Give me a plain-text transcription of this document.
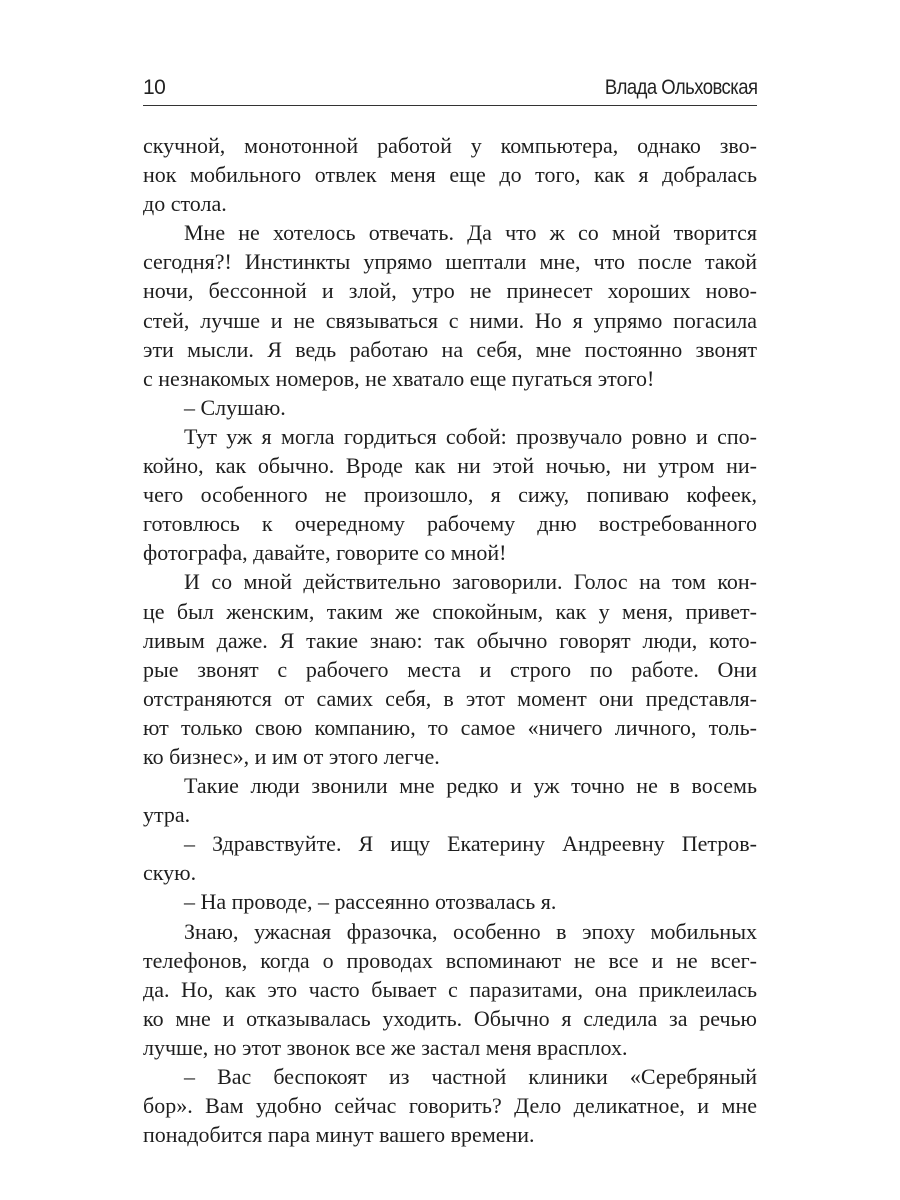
10	Влада Ольховская
скучной, монотонной работой у компьютера, однако зво-
нок мобильного отвлек меня еще до того, как я добралась
до стола.
Мне не хотелось отвечать. Да что ж со мной творится
сегодня?! Инстинкты упрямо шептали мне, что после такой
ночи, бессонной и злой, утро не принесет хороших ново-
стей, лучше и не связываться с ними. Но я упрямо погасила
эти мысли. Я ведь работаю на себя, мне постоянно звонят
с незнакомых номеров, не хватало еще пугаться этого!
– Слушаю.
Тут уж я могла гордиться собой: прозвучало ровно и спо-
койно, как обычно. Вроде как ни этой ночью, ни утром ни-
чего особенного не произошло, я сижу, попиваю кофеек,
готовлюсь к очередному рабочему дню востребованного
фотографа, давайте, говорите со мной!
И со мной действительно заговорили. Голос на том кон-
це был женским, таким же спокойным, как у меня, привет-
ливым даже. Я такие знаю: так обычно говорят люди, кото-
рые звонят с рабочего места и строго по работе. Они
отстраняются от самих себя, в этот момент они представля-
ют только свою компанию, то самое «ничего личного, толь-
ко бизнес», и им от этого легче.
Такие люди звонили мне редко и уж точно не в восемь
утра.
– Здравствуйте. Я ищу Екатерину Андреевну Петров-
скую.
– На проводе, – рассеянно отозвалась я.
Знаю, ужасная фразочка, особенно в эпоху мобильных
телефонов, когда о проводах вспоминают не все и не всег-
да. Но, как это часто бывает с паразитами, она приклеилась
ко мне и отказывалась уходить. Обычно я следила за речью
лучше, но этот звонок все же застал меня врасплох.
– Вас беспокоят из частной клиники «Серебряный
бор». Вам удобно сейчас говорить? Дело деликатное, и мне
понадобится пара минут вашего времени.
